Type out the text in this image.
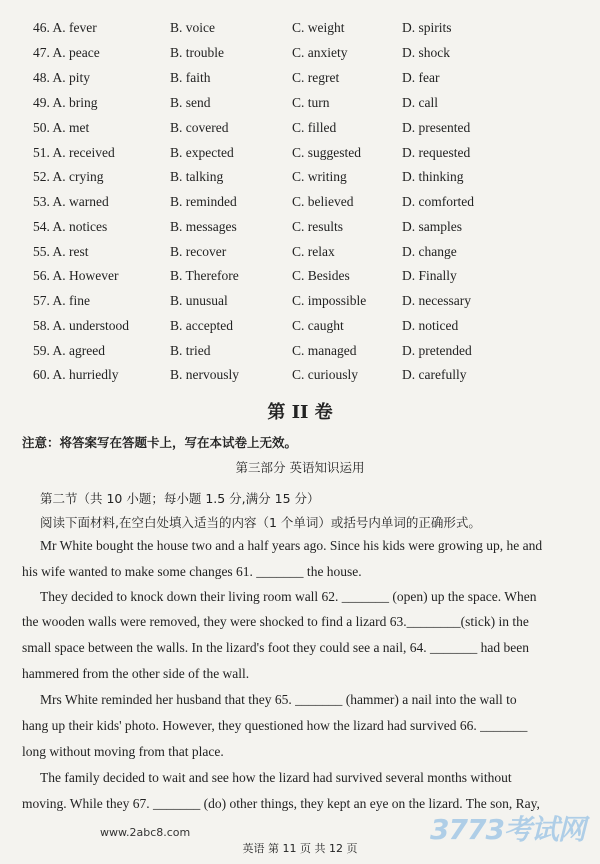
46. A. fever	B. voice	C. weight	D. spirits
47. A. peace	B. trouble	C. anxiety	D. shock
48. A. pity	B. faith	C. regret	D. fear
49. A. bring	B. send	C. turn	D. call
50. A. met	B. covered	C. filled	D. presented
51. A. received	B. expected	C. suggested	D. requested
52. A. crying	B. talking	C. writing	D. thinking
53. A. warned	B. reminded	C. believed	D. comforted
54. A. notices	B. messages	C. results	D. samples
55. A. rest	B. recover	C. relax	D. change
56. A. However	B. Therefore	C. Besides	D. Finally
57. A. fine	B. unusual	C. impossible	D. necessary
58. A. understood	B. accepted	C. caught	D. noticed
59. A. agreed	B. tried	C. managed	D. pretended
60. A. hurriedly	B. nervously	C. curiously	D. carefully
第 II 卷
注意：将答案写在答题卡上，写在本试卷上无效。
第三部分 英语知识运用
第二节（共 10 小题；每小题 1.5 分,满分 15 分）
阅读下面材料,在空白处填入适当的内容（1 个单词）或括号内单词的正确形式。
Mr White bought the house two and a half years ago. Since his kids were growing up, he and
his wife wanted to make some changes 61. _______ the house.
They decided to knock down their living room wall 62. _______ (open) up the space. When
the wooden walls were removed, they were shocked to find a lizard 63.________(stick) in the
small space between the walls. In the lizard's foot they could see a nail, 64. _______ had been
hammered from the other side of the wall.
Mrs White reminded her husband that they 65. _______ (hammer) a nail into the wall to
hang up their kids' photo. However, they questioned how the lizard had survived 66. _______
long without moving from that place.
The family decided to wait and see how the lizard had survived several months without
moving. While they 67. _______ (do) other things, they kept an eye on the lizard. The son, Ray,
www.2abc8.com	3773考试网
英语 第 11 页 共 12 页
